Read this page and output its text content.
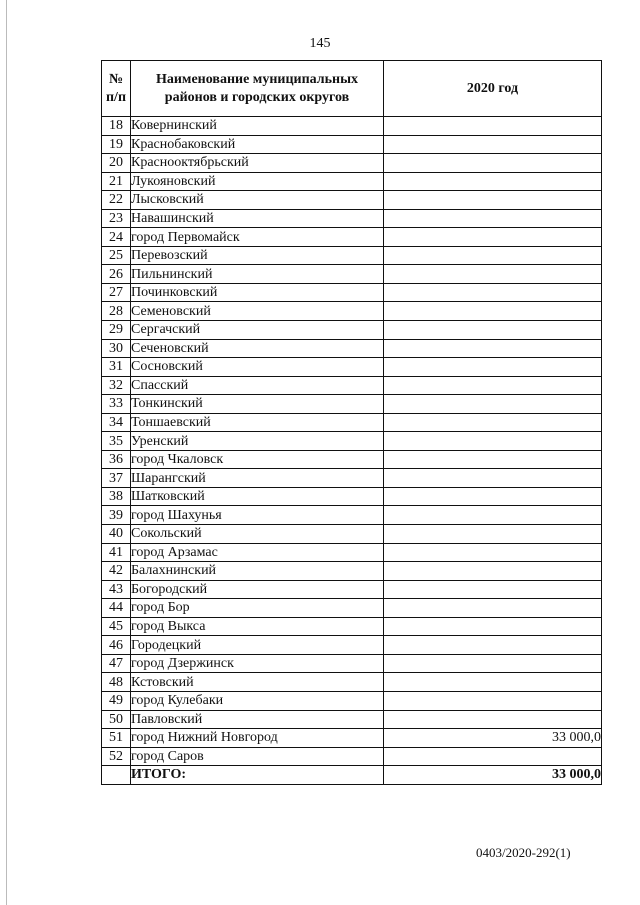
145
№ п/п	Наименование муниципальных районов и городских округов	2020 год
18	Ковернинский	
19	Краснобаковский	
20	Краснооктябрьский	
21	Лукояновский	
22	Лысковский	
23	Навашинский	
24	город Первомайск	
25	Перевозский	
26	Пильнинский	
27	Починковский	
28	Семеновский	
29	Сергачский	
30	Сеченовский	
31	Сосновский	
32	Спасский	
33	Тонкинский	
34	Тоншаевский	
35	Уренский	
36	город Чкаловск	
37	Шарангский	
38	Шатковский	
39	город Шахунья	
40	Сокольский	
41	город Арзамас	
42	Балахнинский	
43	Богородский	
44	город Бор	
45	город Выкса	
46	Городецкий	
47	город Дзержинск	
48	Кстовский	
49	город Кулебаки	
50	Павловский	
51	город Нижний Новгород	33 000,0
52	город Саров	
	ИТОГО:	33 000,0
0403/2020-292(1)
